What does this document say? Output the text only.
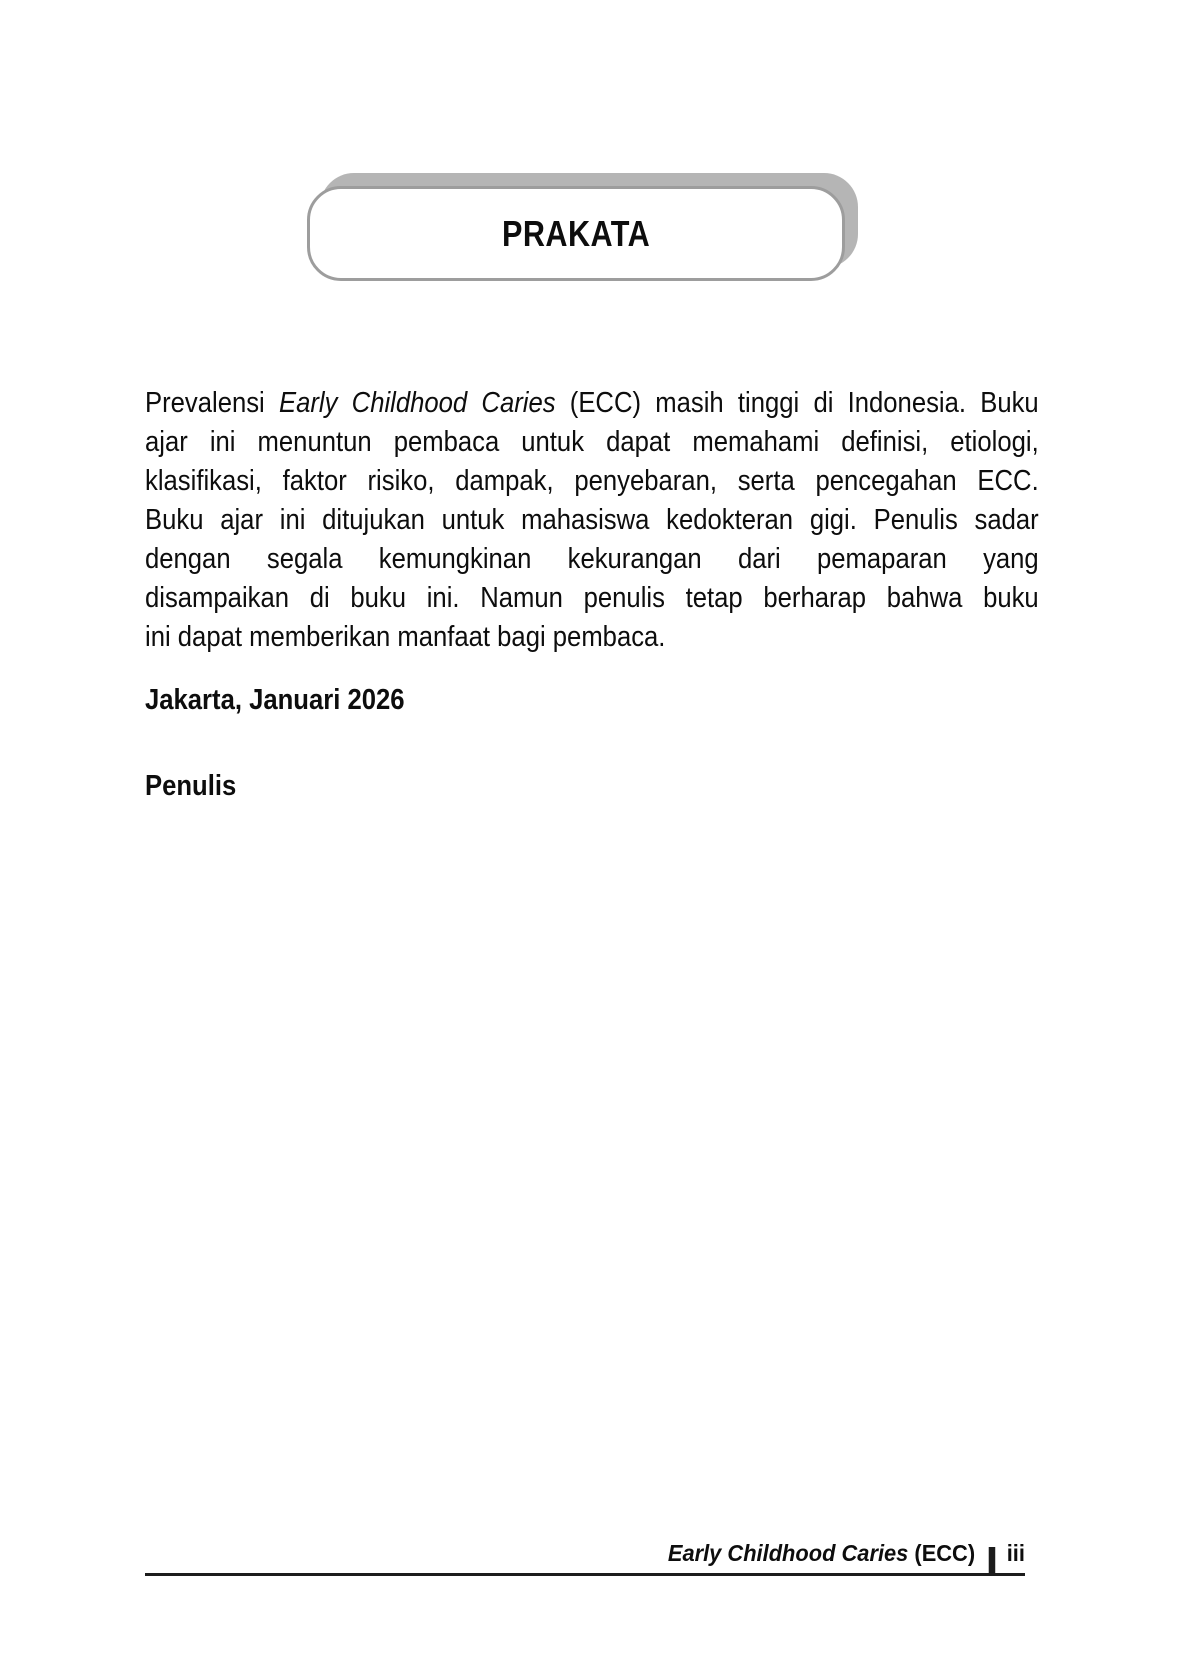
PRAKATA
Prevalensi Early Childhood Caries (ECC) masih tinggi di Indonesia. Buku
ajar ini menuntun pembaca untuk dapat memahami definisi, etiologi,
klasifikasi, faktor risiko, dampak, penyebaran, serta pencegahan ECC.
Buku ajar ini ditujukan untuk mahasiswa kedokteran gigi. Penulis sadar
dengan segala kemungkinan kekurangan dari pemaparan yang
disampaikan di buku ini. Namun penulis tetap berharap bahwa buku
ini dapat memberikan manfaat bagi pembaca.
Jakarta, Januari 2026
Penulis
Early Childhood Caries (ECC) iii
